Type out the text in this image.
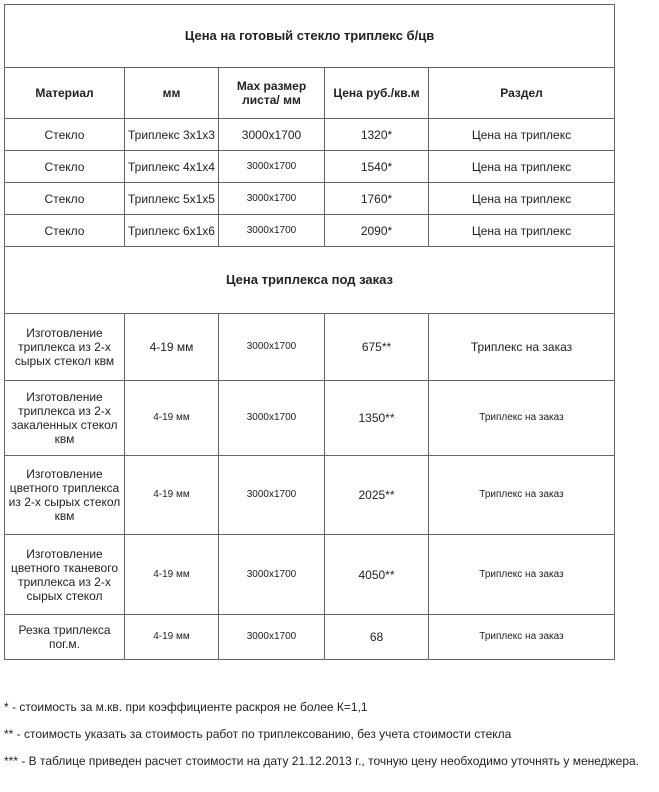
Цена на готовый стекло триплекс б/цв				
Материал	мм	Max размер листа/ мм	Цена руб./кв.м	Раздел
Стекло	Триплекс 3х1х3	3000х1700	1320*	Цена на триплекс
Стекло	Триплекс 4х1х4	3000х1700	1540*	Цена на триплекс
Стекло	Триплекс 5х1х5	3000х1700	1760*	Цена на триплекс
Стекло	Триплекс 6х1х6	3000х1700	2090*	Цена на триплекс
Цена триплекса под заказ				
Изготовление триплекса из 2-х сырых стекол квм	4-19 мм	3000х1700	675**	Триплекс на заказ
Изготовление триплекса из 2-х закаленных стекол квм	4-19 мм	3000х1700	1350**	Триплекс на заказ
Изготовление цветного триплекса из 2-х сырых стекол квм	4-19 мм	3000х1700	2025**	Триплекс на заказ
Изготовление цветного тканевого триплекса из 2-х сырых стекол	4-19 мм	3000х1700	4050**	Триплекс на заказ
Резка триплекса пог.м.	4-19 мм	3000х1700	68	Триплекс на заказ

* - стоимость за м.кв. при коэффициенте раскроя не более К=1,1

** - стоимость указать за стоимость работ по триплексованию, без учета стоимости стекла

*** - В таблице приведен расчет стоимости на дату 21.12.2013 г., точную цену необходимо уточнять у менеджера.
